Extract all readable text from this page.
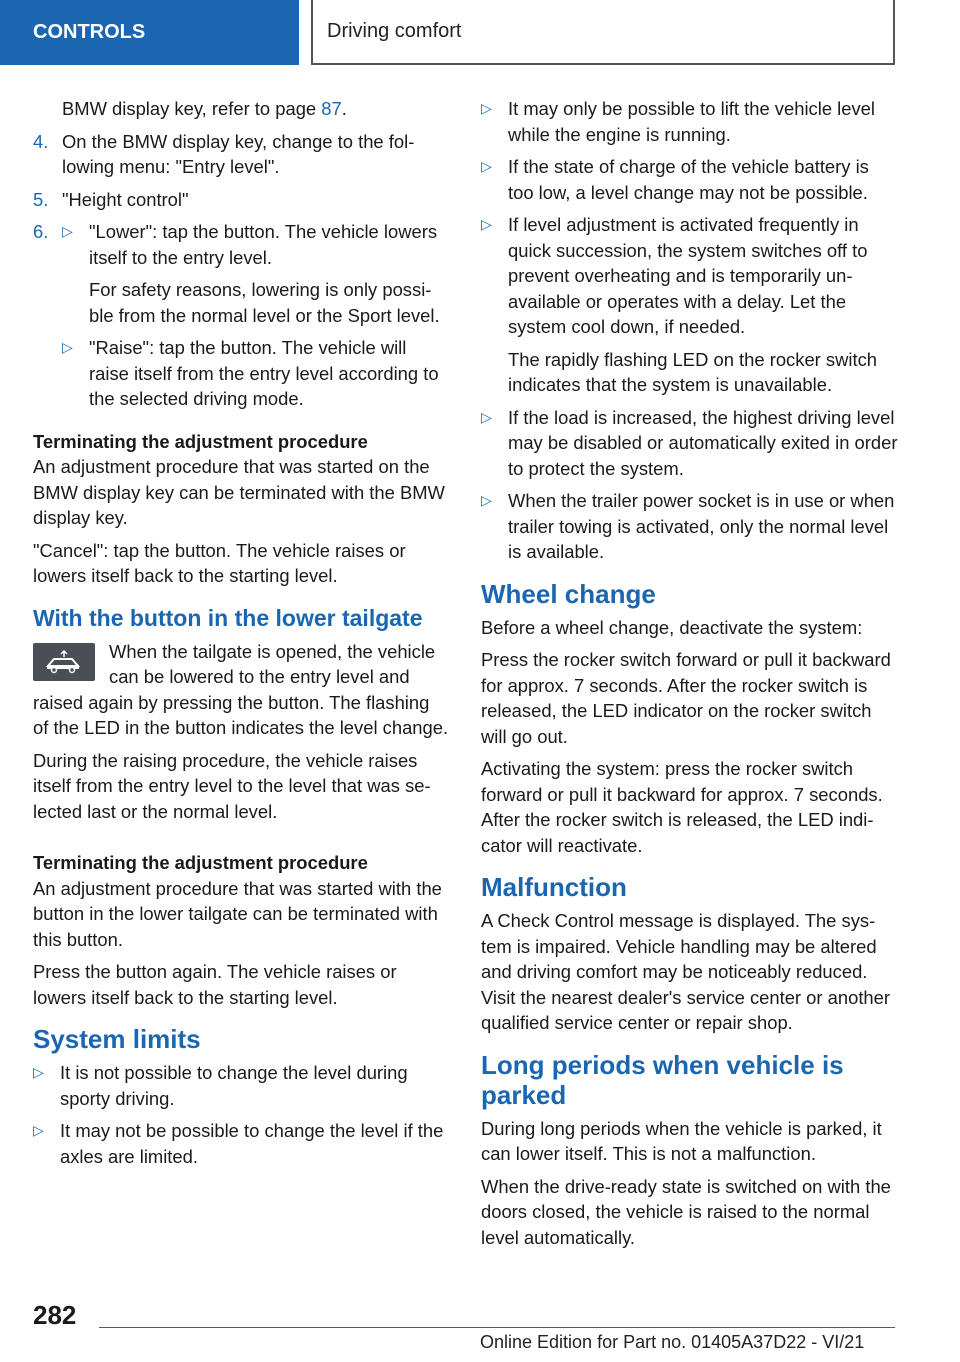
CONTROLS	Driving comfort

BMW display key, refer to page 87.

4. On the BMW display key, change to the following menu: "Entry level".
5. "Height control"
6. ▷ "Lower": tap the button. The vehicle lowers itself to the entry level.

For safety reasons, lowering is only possible from the normal level or the Sport level.

▷ "Raise": tap the button. The vehicle will raise itself from the entry level according to the selected driving mode.

Terminating the adjustment procedure

An adjustment procedure that was started on the BMW display key can be terminated with the BMW display key.

"Cancel": tap the button. The vehicle raises or lowers itself back to the starting level.

With the button in the lower tailgate

When the tailgate is opened, the vehicle can be lowered to the entry level and raised again by pressing the button. The flashing of the LED in the button indicates the level change.

During the raising procedure, the vehicle raises itself from the entry level to the level that was selected last or the normal level.

Terminating the adjustment procedure

An adjustment procedure that was started with the button in the lower tailgate can be terminated with this button.

Press the button again. The vehicle raises or lowers itself back to the starting level.

System limits
▷ It is not possible to change the level during sporty driving.
▷ It may not be possible to change the level if the axles are limited.
▷ It may only be possible to lift the vehicle level while the engine is running.
▷ If the state of charge of the vehicle battery is too low, a level change may not be possible.
▷ If level adjustment is activated frequently in quick succession, the system switches off to prevent overheating and is temporarily unavailable or operates with a delay. Let the system cool down, if needed.

The rapidly flashing LED on the rocker switch indicates that the system is unavailable.

▷ If the load is increased, the highest driving level may be disabled or automatically exited in order to protect the system.
▷ When the trailer power socket is in use or when trailer towing is activated, only the normal level is available.
Wheel change

Before a wheel change, deactivate the system:

Press the rocker switch forward or pull it backward for approx. 7 seconds. After the rocker switch is released, the LED indicator on the rocker switch will go out.

Activating the system: press the rocker switch forward or pull it backward for approx. 7 seconds. After the rocker switch is released, the LED indicator will reactivate.

Malfunction

A Check Control message is displayed. The system is impaired. Vehicle handling may be altered and driving comfort may be noticeably reduced. Visit the nearest dealer's service center or another qualified service center or repair shop.

Long periods when vehicle is parked

During long periods when the vehicle is parked, it can lower itself. This is not a malfunction.

When the drive-ready state is switched on with the doors closed, the vehicle is raised to the normal level automatically.

282
Online Edition for Part no. 01405A37D22 - VI/21
